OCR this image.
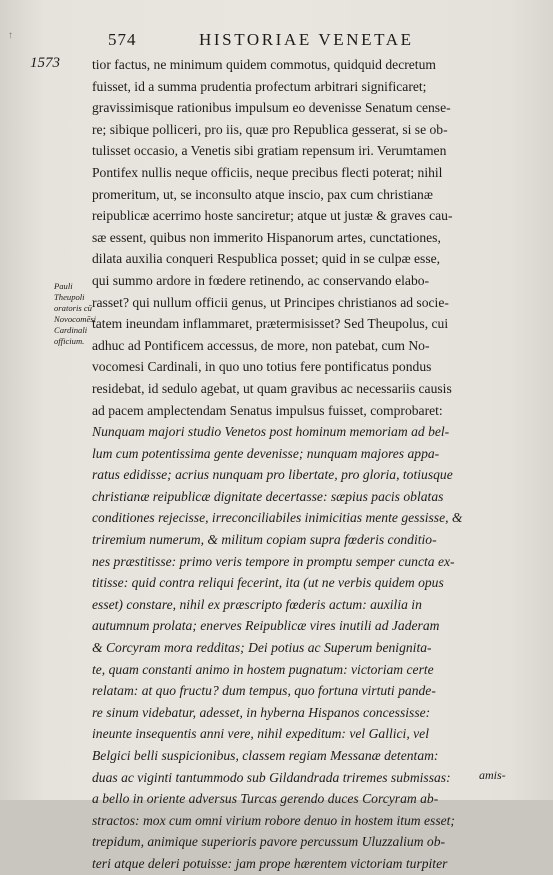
↑	574	HISTORIAE VENETAE
1573
Pauli
Theupoli
oratoris cū
Novocomēsi
Cardinali
officium.
tior factus, ne minimum quidem commotus, quidquid decretum
fuisset, id a summa prudentia profectum arbitrari significaret;
gravissimisque rationibus impulsum eo devenisse Senatum cense-
re; sibique polliceri, pro iis, quæ pro Republica gesserat, si se ob-
tulisset occasio, a Venetis sibi gratiam repensum iri. Verumtamen
Pontifex nullis neque officiis, neque precibus flecti poterat; nihil
promeritum, ut, se inconsulto atque inscio, pax cum christianæ
reipublicæ acerrimo hoste sanciretur; atque ut justæ & graves cau-
sæ essent, quibus non immerito Hispanorum artes, cunctationes,
dilata auxilia conqueri Respublica posset; quid in se culpæ esse,
qui summo ardore in fœdere retinendo, ac conservando elabo-
rasset? qui nullum officii genus, ut Principes christianos ad socie-
tatem ineundam inflammaret, prætermisisset? Sed Theupolus, cui
adhuc ad Pontificem accessus, de more, non patebat, cum No-
vocomesi Cardinali, in quo uno totius fere pontificatus pondus
residebat, id sedulo agebat, ut quam gravibus ac necessariis causis
ad pacem amplectendam Senatus impulsus fuisset, comprobaret:
Nunquam majori studio Venetos post hominum memoriam ad bel-
lum cum potentissima gente devenisse; nunquam majores appa-
ratus edidisse; acrius nunquam pro libertate, pro gloria, totiusque
christianæ reipublicæ dignitate decertasse: sæpius pacis oblatas
conditiones rejecisse, irreconciliabiles inimicitias mente gessisse, &
triremium numerum, & militum copiam supra fœderis conditio-
nes præstitisse: primo veris tempore in promptu semper cuncta ex-
titisse: quid contra reliqui fecerint, ita (ut ne verbis quidem opus
esset) constare, nihil ex præscripto fœderis actum: auxilia in
autumnum prolata; enerves Reipublicæ vires inutili ad Jaderam
& Corcyram mora redditas; Dei potius ac Superum benignita-
te, quam constanti animo in hostem pugnatum: victoriam certe
relatam: at quo fructu? dum tempus, quo fortuna virtuti pande-
re sinum videbatur, adesset, in hyberna Hispanos concessisse:
ineunte insequentis anni vere, nihil expeditum: vel Gallici, vel
Belgici belli suspicionibus, classem regiam Messanæ detentam:
duas ac viginti tantummodo sub Gildandrada triremes submissas:
a bello in oriente adversus Turcas gerendo duces Corcyram ab-
stractos: mox cum omni virium robore denuo in hostem itum esset;
trepidum, animique superioris pavore percussum Uluzzalium ob-
teri atque deleri potuisse: jam prope hærentem victoriam turpiter
amis-
